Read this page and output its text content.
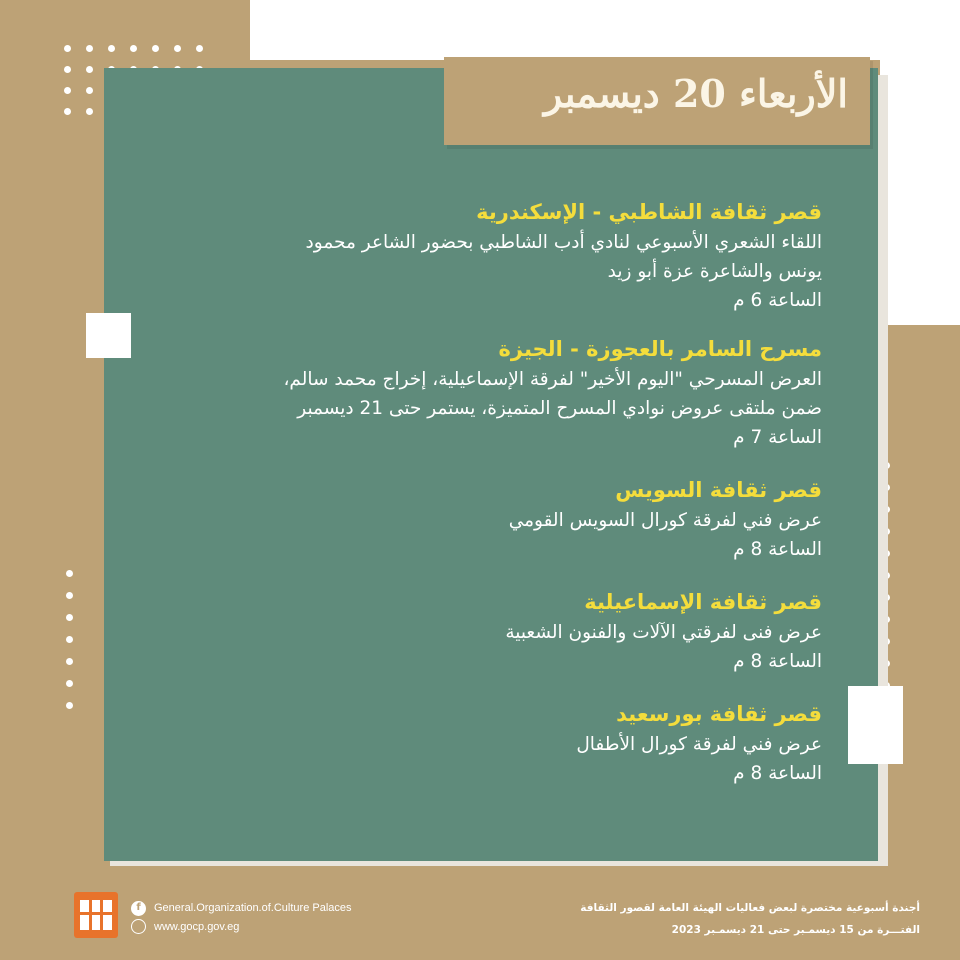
الأربعاء 20 ديسمبر
قصر ثقافة الشاطبي - الإسكندرية
اللقاء الشعري الأسبوعي لنادي أدب الشاطبي بحضور الشاعر محمود
يونس والشاعرة عزة أبو زيد
الساعة 6 م
مسرح السامر بالعجوزة - الجيزة
العرض المسرحي "اليوم الأخير" لفرقة الإسماعيلية، إخراج محمد سالم،
ضمن ملتقى عروض نوادي المسرح المتميزة، يستمر حتى 21 ديسمبر
الساعة 7 م
قصر ثقافة السويس
عرض فني لفرقة كورال السويس القومي
الساعة 8 م
قصر ثقافة الإسماعيلية
عرض فنى لفرقتي الآلات والفنون الشعبية
الساعة 8 م
قصر ثقافة بورسعيد
عرض فني لفرقة كورال الأطفال
الساعة 8 م
f	General.Organization.of.Culture Palaces
www.gocp.gov.eg
أجندة أسبوعية مختصرة لبعض فعاليات الهيئة العامة لقصور الثقافة
الفتـــرة من 15 ديسمـبر حتى 21 ديسمـبر 2023
